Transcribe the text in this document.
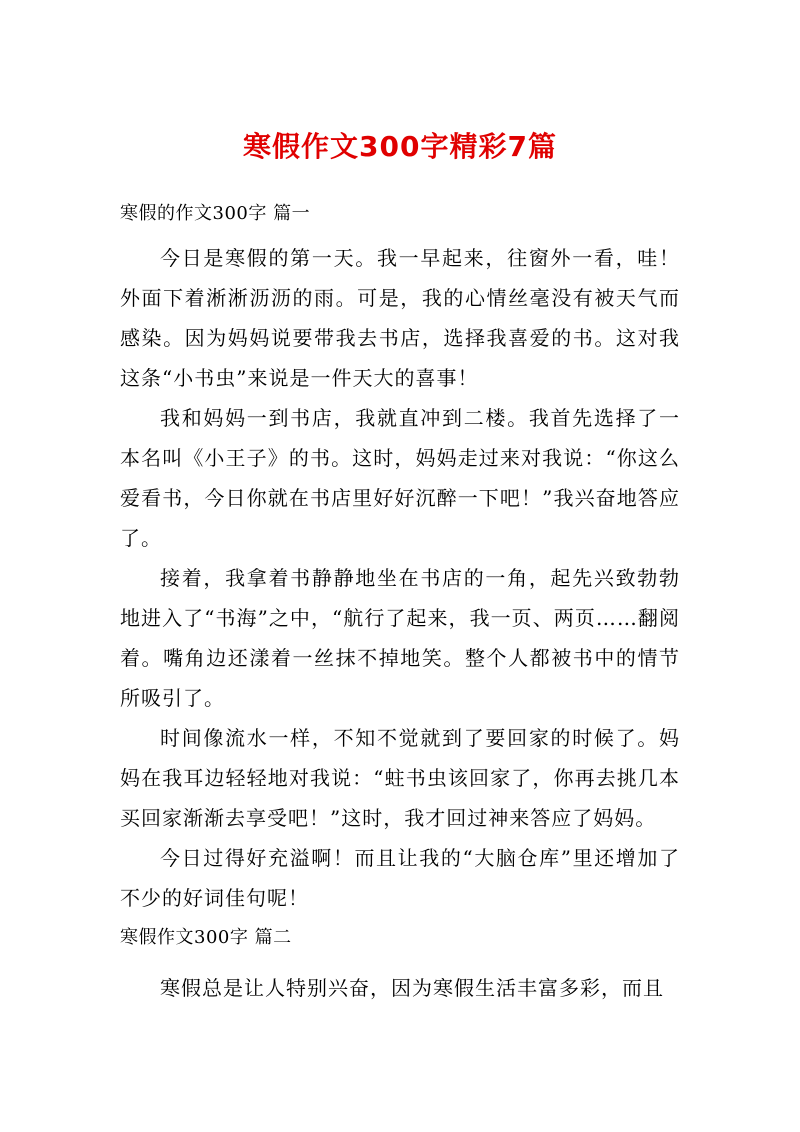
寒假作文300字精彩7篇
寒假的作文300字 篇一

今日是寒假的第一天。我一早起来，往窗外一看，哇！外面下着淅淅沥沥的雨。可是，我的心情丝毫没有被天气而感染。因为妈妈说要带我去书店，选择我喜爱的书。这对我这条“小书虫”来说是一件天大的喜事！

我和妈妈一到书店，我就直冲到二楼。我首先选择了一本名叫《小王子》的书。这时，妈妈走过来对我说：“你这么爱看书，今日你就在书店里好好沉醉一下吧！”我兴奋地答应了。

接着，我拿着书静静地坐在书店的一角，起先兴致勃勃地进入了“书海”之中，“航行了起来，我一页、两页……翻阅着。嘴角边还漾着一丝抹不掉地笑。整个人都被书中的情节所吸引了。

时间像流水一样，不知不觉就到了要回家的时候了。妈妈在我耳边轻轻地对我说：“蛀书虫该回家了，你再去挑几本买回家渐渐去享受吧！”这时，我才回过神来答应了妈妈。

今日过得好充溢啊！而且让我的“大脑仓库”里还增加了不少的好词佳句呢！

寒假作文300字 篇二

寒假总是让人特别兴奋，因为寒假生活丰富多彩，而且
